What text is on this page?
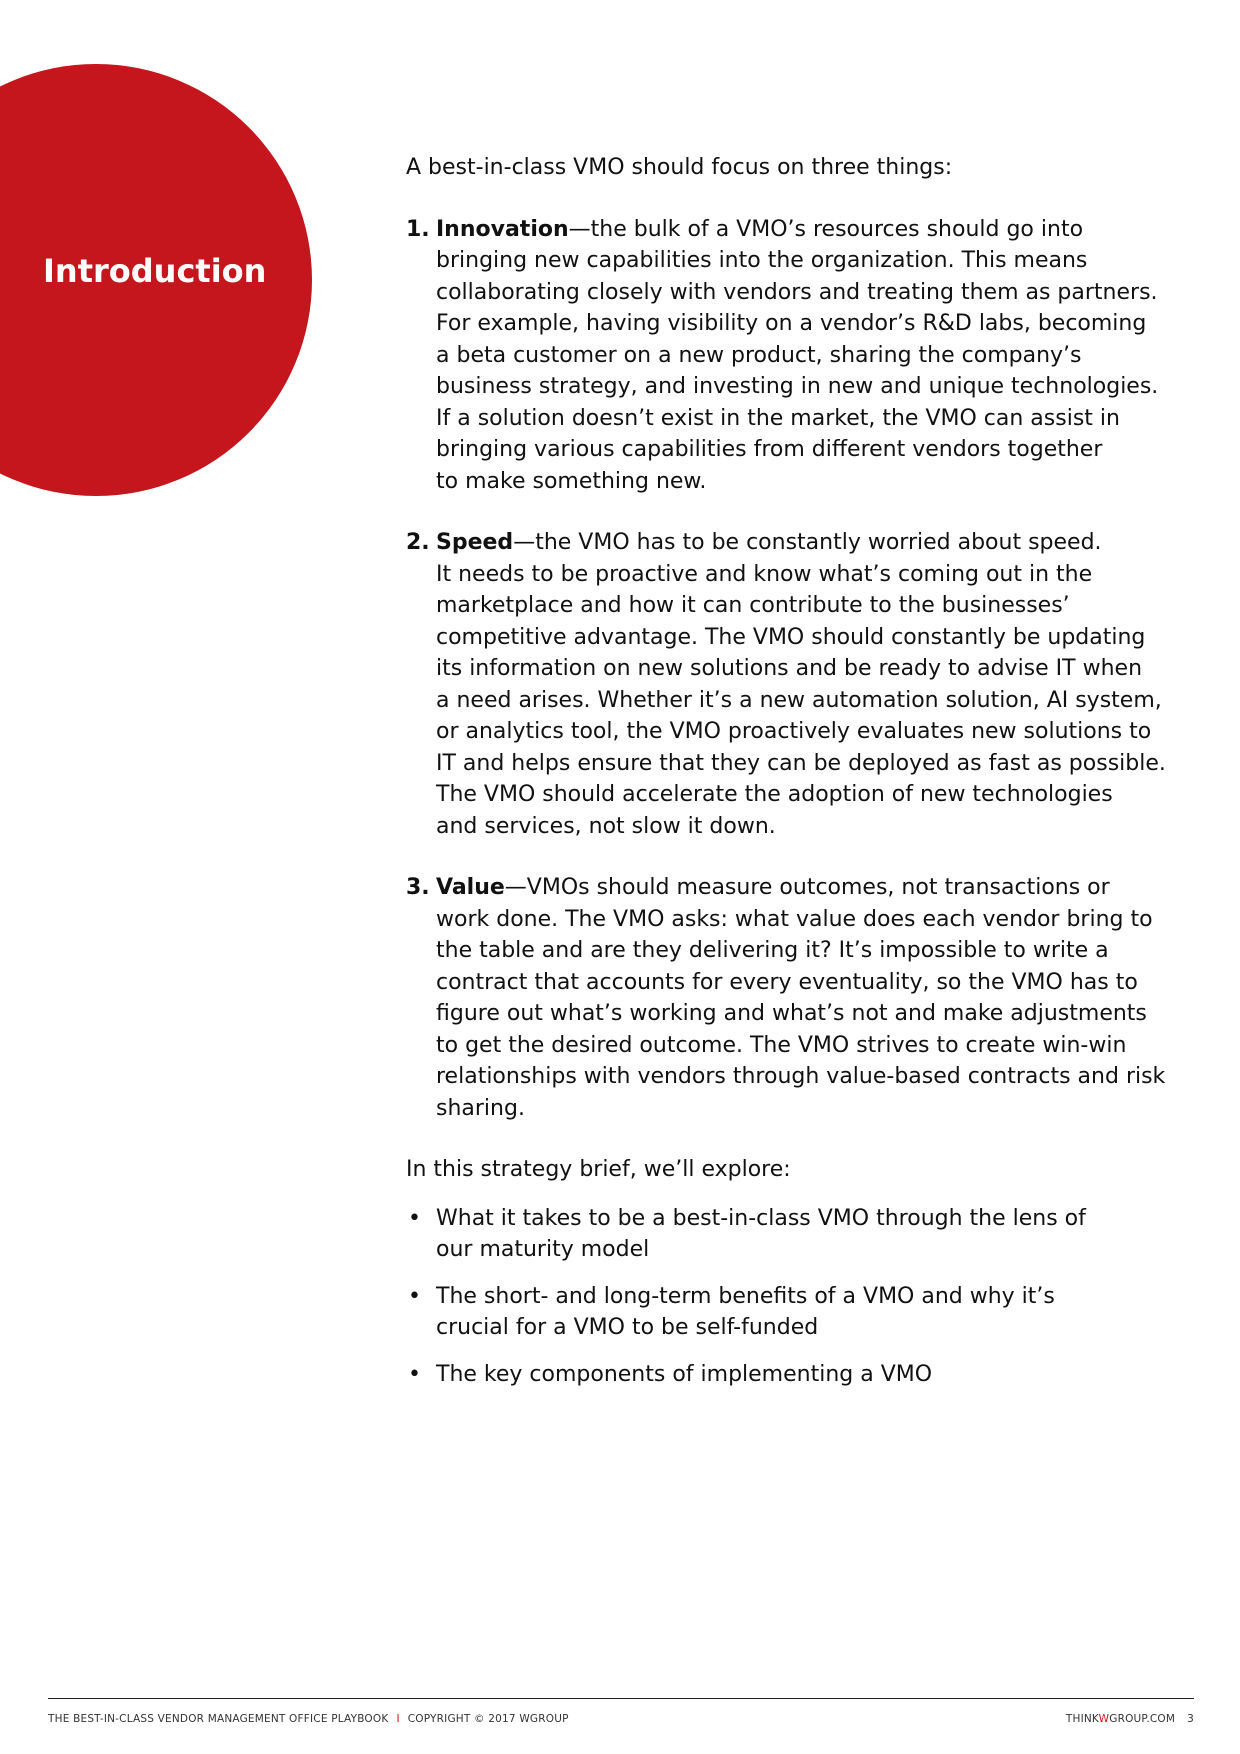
Introduction

A best-in-class VMO should focus on three things:

1. Innovation—the bulk of a VMO’s resources should go into
bringing new capabilities into the organization. This means
collaborating closely with vendors and treating them as partners.
For example, having visibility on a vendor’s R&D labs, becoming
a beta customer on a new product, sharing the company’s
business strategy, and investing in new and unique technologies.
If a solution doesn’t exist in the market, the VMO can assist in
bringing various capabilities from different vendors together
to make something new.
2. Speed—the VMO has to be constantly worried about speed.
It needs to be proactive and know what’s coming out in the
marketplace and how it can contribute to the businesses’
competitive advantage. The VMO should constantly be updating
its information on new solutions and be ready to advise IT when
a need arises. Whether it’s a new automation solution, AI system,
or analytics tool, the VMO proactively evaluates new solutions to
IT and helps ensure that they can be deployed as fast as possible.
The VMO should accelerate the adoption of new technologies
and services, not slow it down.
3. Value—VMOs should measure outcomes, not transactions or
work done. The VMO asks: what value does each vendor bring to
the table and are they delivering it? It’s impossible to write a
contract that accounts for every eventuality, so the VMO has to
figure out what’s working and what’s not and make adjustments
to get the desired outcome. The VMO strives to create win-win
relationships with vendors through value-based contracts and risk
sharing.

In this strategy brief, we’ll explore:

• What it takes to be a best-in-class VMO through the lens of
our maturity model
• The short- and long-term benefits of a VMO and why it’s
crucial for a VMO to be self-funded
• The key components of implementing a VMO
THE BEST-IN-CLASS VENDOR MANAGEMENT OFFICE PLAYBOOK I COPYRIGHT © 2017 WGROUP	THINKWGROUP.COM 3
